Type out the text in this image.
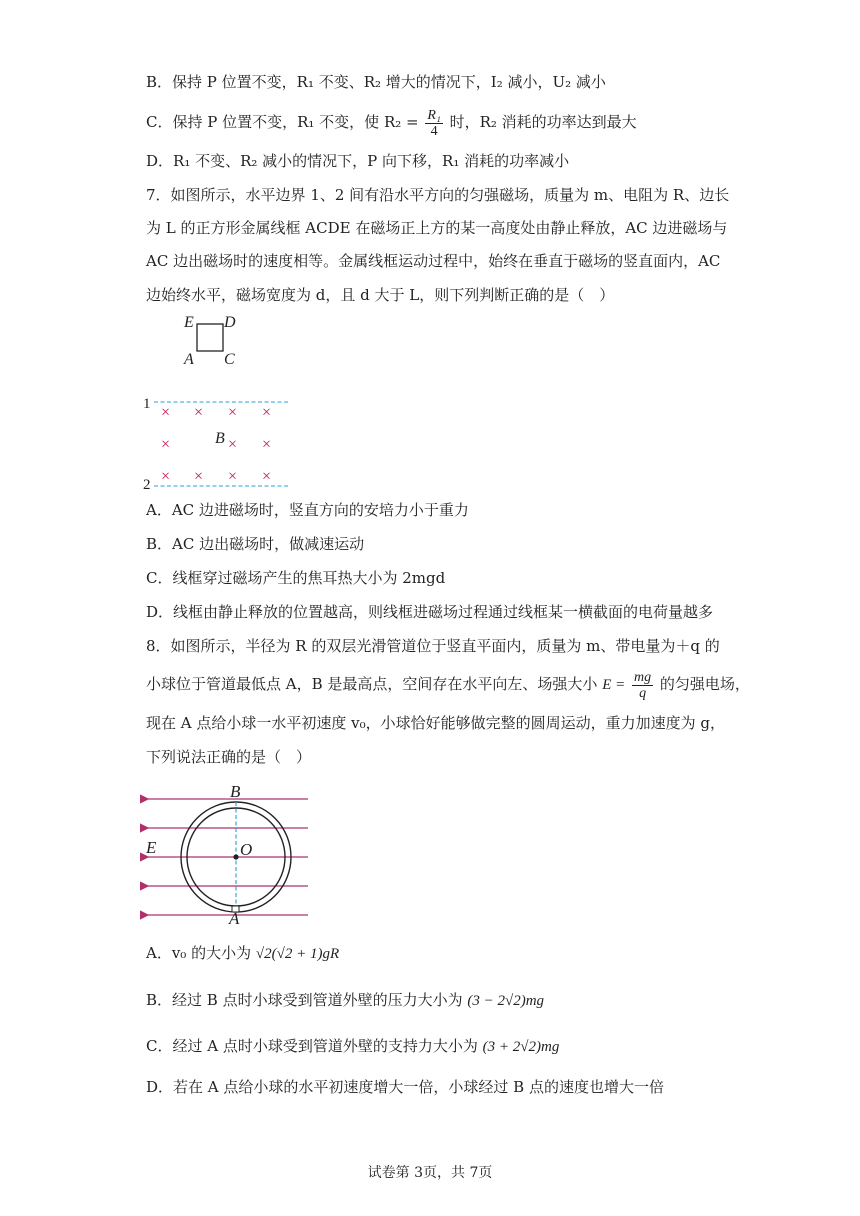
B．保持 P 位置不变，R₁ 不变、R₂ 增大的情况下，I₂ 减小，U₂ 减小
C．保持 P 位置不变，R₁ 不变，使 $R_2 = \frac{\text{R₁}}{4}$ 时，R₂ 消耗的功率达到最大
D．R₁ 不变、R₂ 减小的情况下，P 向下移，R₁ 消耗的功率减小
7．如图所示，水平边界 1、2 间有沿水平方向的匀强磁场，质量为 m、电阻为 R、边长
为 L 的正方形金属线框 ACDE 在磁场正上方的某一高度处由静止释放，AC 边进磁场与
AC 边出磁场时的速度相等。金属线框运动过程中，始终在垂直于磁场的竖直面内，AC
边始终水平，磁场宽度为 d，且 d 大于 L，则下列判断正确的是（　）
E D
A C
1
2
× × × ×
×	× ×
× × × ×
B
A．AC 边进磁场时，竖直方向的安培力小于重力
B．AC 边出磁场时，做减速运动
C．线框穿过磁场产生的焦耳热大小为 2mgd
D．线框由静止释放的位置越高，则线框进磁场过程通过线框某一横截面的电荷量越多
8．如图所示，半径为 R 的双层光滑管道位于竖直平面内，质量为 m、带电量为＋q 的
小球位于管道最低点 A，B 是最高点，空间存在水平向左、场强大小 $E = \frac{mg}{q}$ 的匀强电场，
现在 A 点给小球一水平初速度 v₀，小球恰好能够做完整的圆周运动，重力加速度为 g，
下列说法正确的是（　）
B
O
E
A
A．v₀ 的大小为 √2(√2 + 1)gR
B．经过 B 点时小球受到管道外壁的压力大小为 (3 − 2√2)mg
C．经过 A 点时小球受到管道外壁的支持力大小为 (3 + 2√2)mg
D．若在 A 点给小球的水平初速度增大一倍，小球经过 B 点的速度也增大一倍
试卷第 3页，共 7页
